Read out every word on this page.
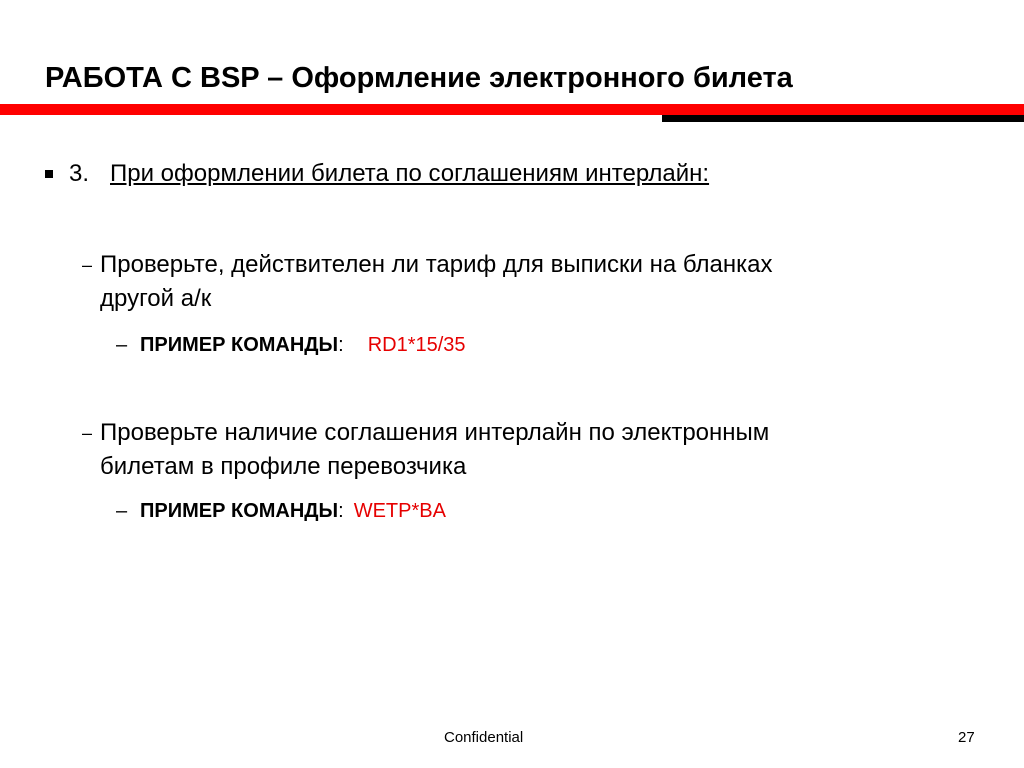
РАБОТА С BSP – Оформление электронного билета
3. При оформлении билета по соглашениям интерлайн:
– Проверьте, действителен ли тариф для выписки на бланках
другой а/к
– ПРИМЕР КОМАНДЫ: RD1*15/35
– Проверьте наличие соглашения интерлайн по электронным
билетам в профиле перевозчика
– ПРИМЕР КОМАНДЫ: WETP*BA
Confidential	27
